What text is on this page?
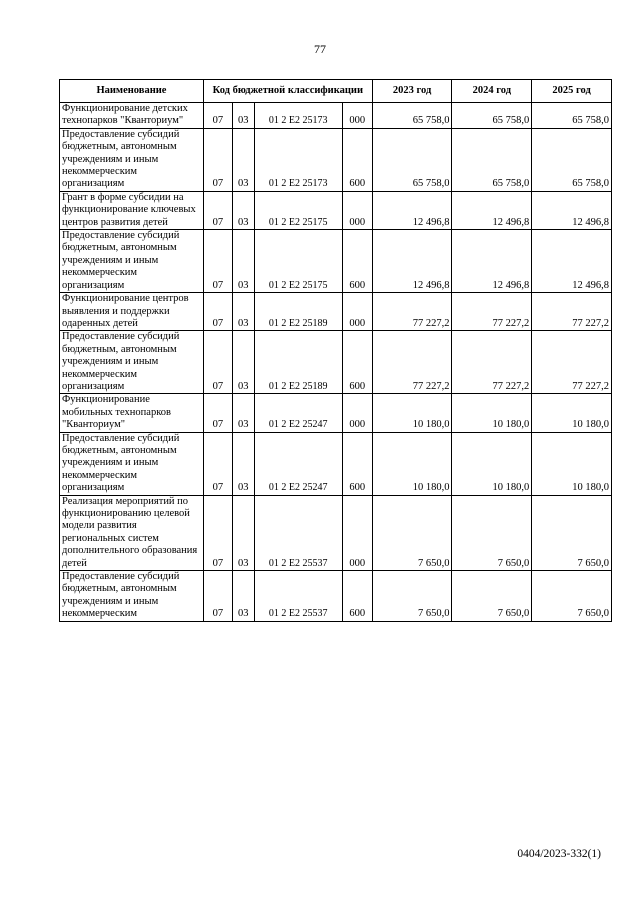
77
Наименование	Код бюджетной классификации				2023 год	2024 год	2025 год
Функционирование детских технопарков "Кванториум"	07	03	01 2 E2 25173	000	65 758,0	65 758,0	65 758,0
Предоставление субсидий бюджетным, автономным учреждениям и иным некоммерческим организациям	07	03	01 2 E2 25173	600	65 758,0	65 758,0	65 758,0
Грант в форме субсидии на функционирование ключевых центров развития детей	07	03	01 2 E2 25175	000	12 496,8	12 496,8	12 496,8
Предоставление субсидий бюджетным, автономным учреждениям и иным некоммерческим организациям	07	03	01 2 E2 25175	600	12 496,8	12 496,8	12 496,8
Функционирование центров выявления и поддержки одаренных детей	07	03	01 2 E2 25189	000	77 227,2	77 227,2	77 227,2
Предоставление субсидий бюджетным, автономным учреждениям и иным некоммерческим организациям	07	03	01 2 E2 25189	600	77 227,2	77 227,2	77 227,2
Функционирование мобильных технопарков "Кванториум"	07	03	01 2 E2 25247	000	10 180,0	10 180,0	10 180,0
Предоставление субсидий бюджетным, автономным учреждениям и иным некоммерческим организациям	07	03	01 2 E2 25247	600	10 180,0	10 180,0	10 180,0
Реализация мероприятий по функционированию целевой модели развития региональных систем дополнительного образования детей	07	03	01 2 E2 25537	000	7 650,0	7 650,0	7 650,0
Предоставление субсидий бюджетным, автономным учреждениям и иным некоммерческим	07	03	01 2 E2 25537	600	7 650,0	7 650,0	7 650,0
0404/2023-332(1)
